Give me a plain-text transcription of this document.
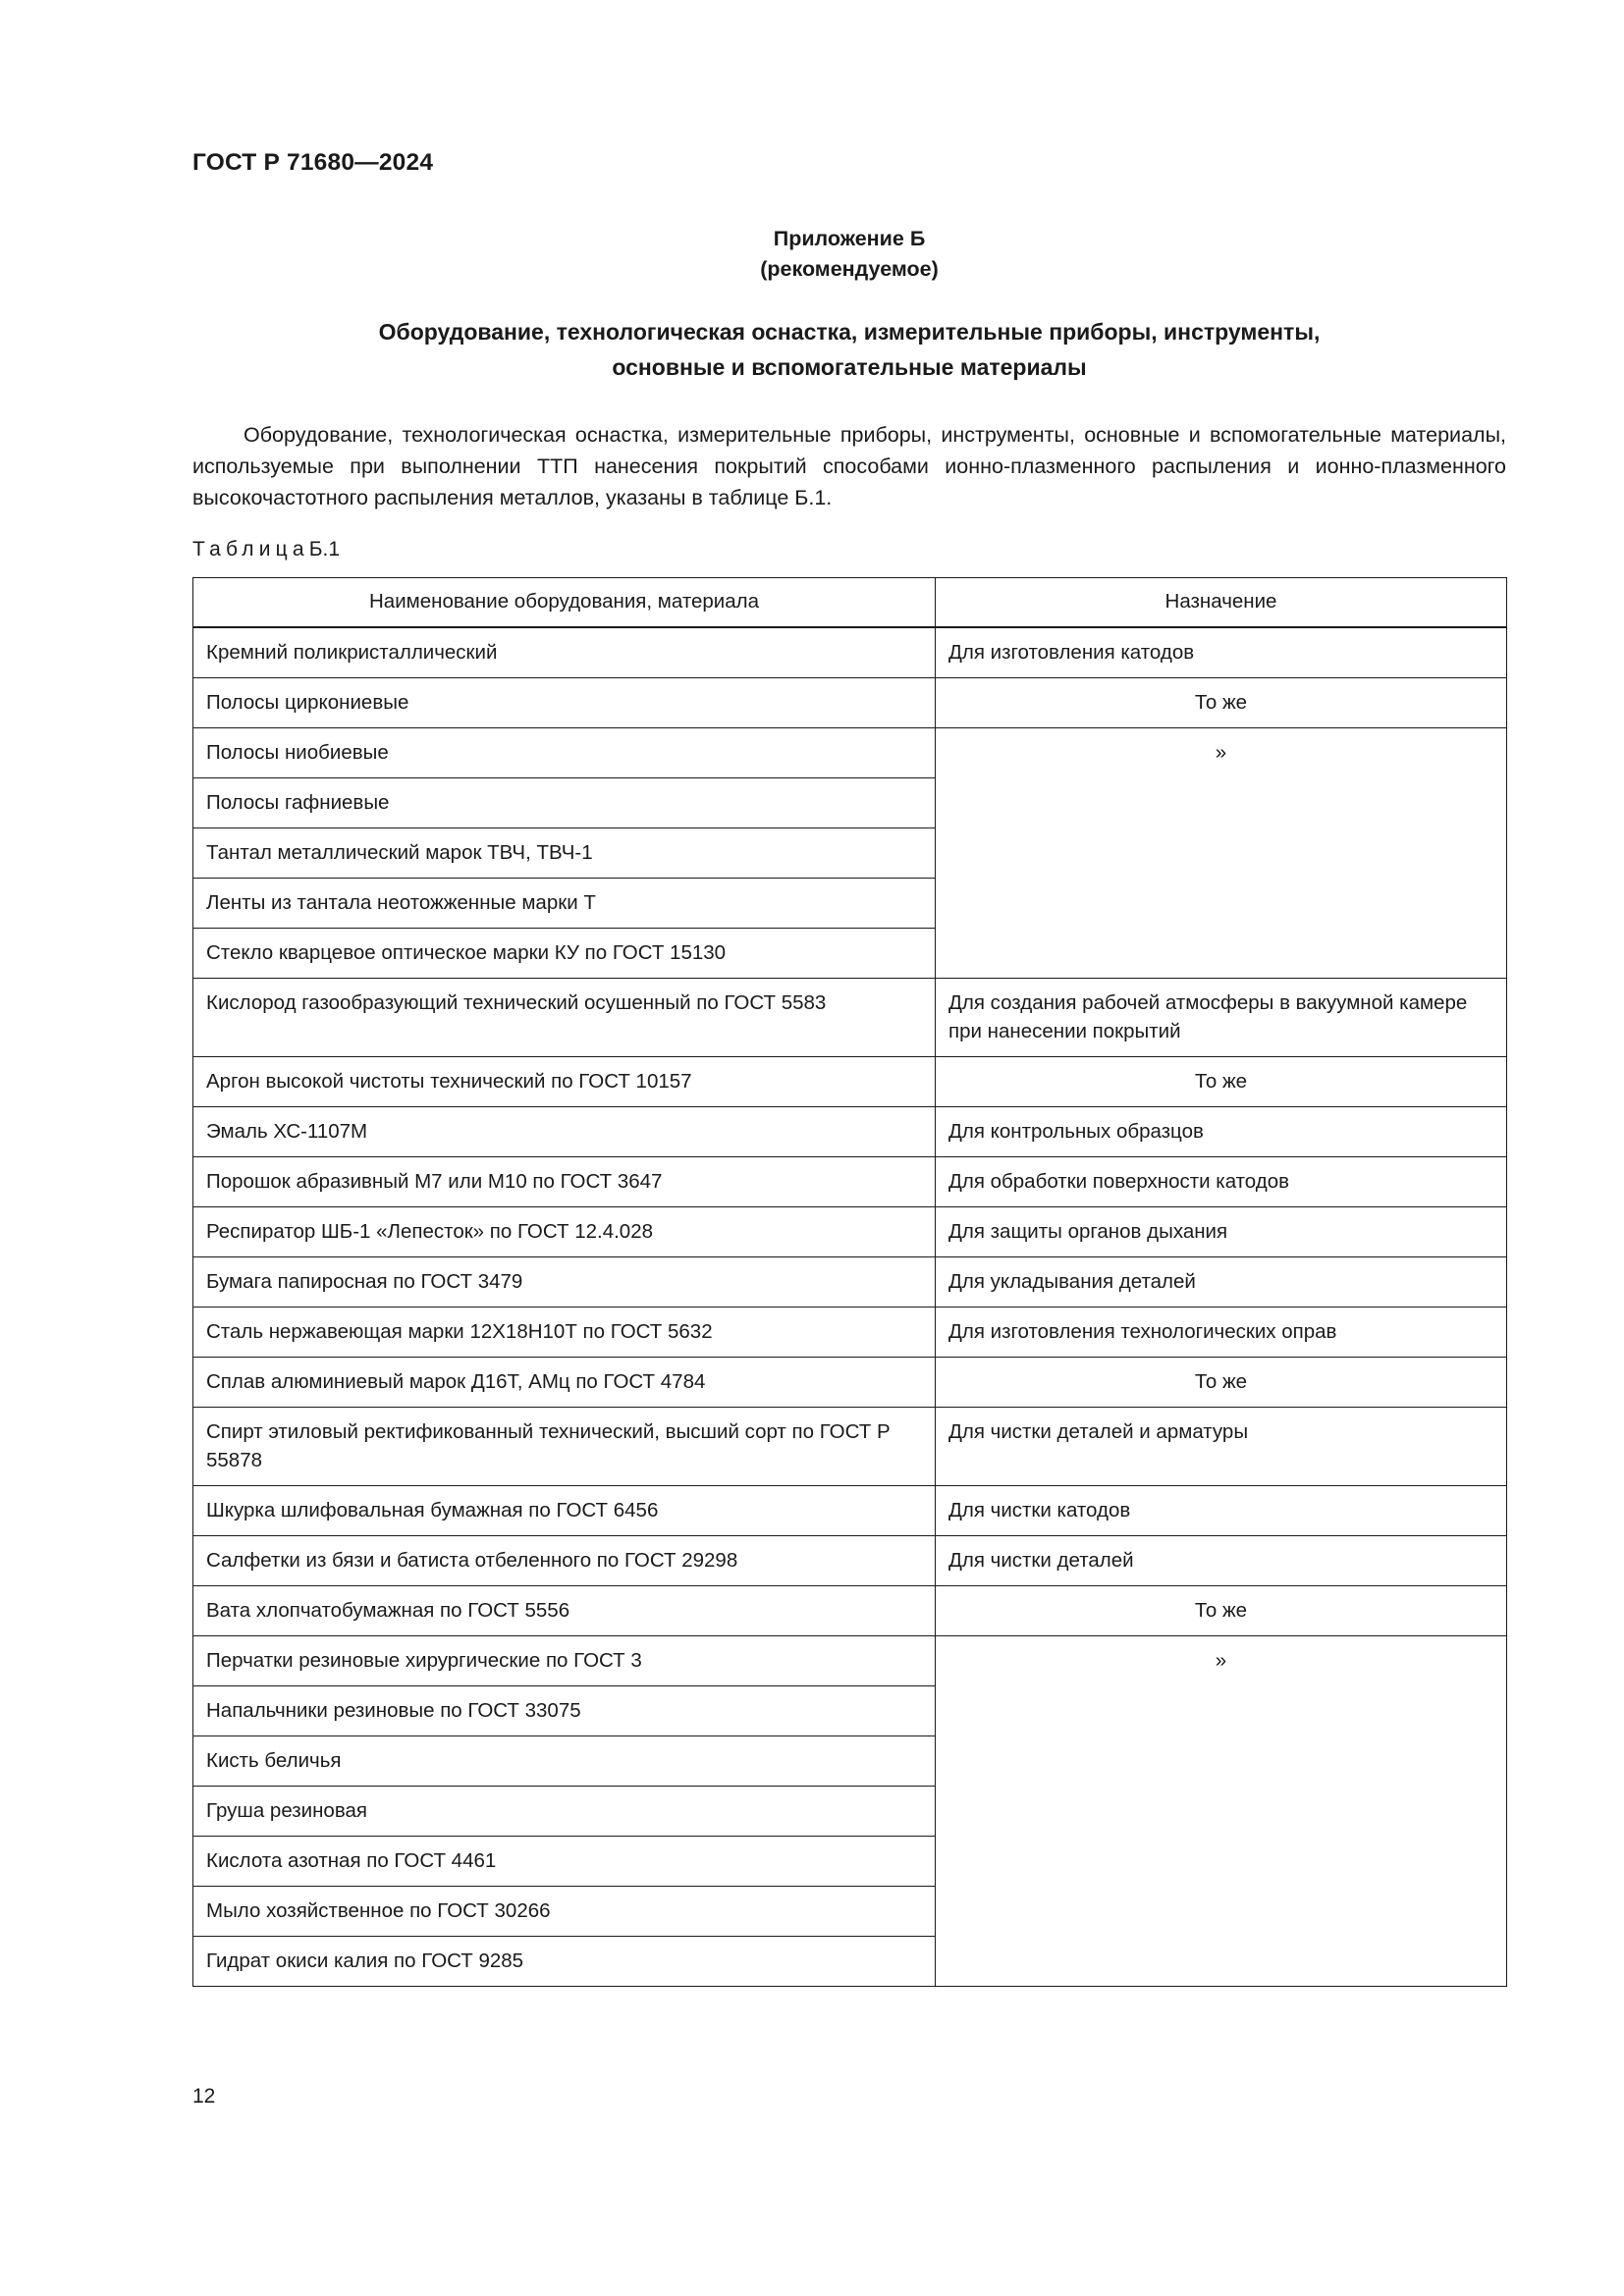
ГОСТ Р 71680—2024
Приложение Б
(рекомендуемое)
Оборудование, технологическая оснастка, измерительные приборы, инструменты,
основные и вспомогательные материалы
Оборудование, технологическая оснастка, измерительные приборы, инструменты, основные и вспомогательные материалы, используемые при выполнении ТТП нанесения покрытий способами ионно-плазменного распыления и ионно-плазменного высокочастотного распыления металлов, указаны в таблице Б.1.
ТаблицаБ.1
Наименование оборудования, материала	Назначение
Кремний поликристаллический	Для изготовления катодов
Полосы циркониевые	То же
Полосы ниобиевые	»
Полосы гафниевые	
Тантал металлический марок ТВЧ, ТВЧ-1	
Ленты из тантала неотожженные марки Т	
Стекло кварцевое оптическое марки КУ по ГОСТ 15130	
Кислород газообразующий технический осушенный по ГОСТ 5583	Для создания рабочей атмосферы в вакуумной камере при нанесении покрытий
Аргон высокой чистоты технический по ГОСТ 10157	То же
Эмаль ХС-1107М	Для контрольных образцов
Порошок абразивный М7 или М10 по ГОСТ 3647	Для обработки поверхности катодов
Респиратор ШБ-1 «Лепесток» по ГОСТ 12.4.028	Для защиты органов дыхания
Бумага папиросная по ГОСТ 3479	Для укладывания деталей
Сталь нержавеющая марки 12Х18Н10Т по ГОСТ 5632	Для изготовления технологических оправ
Сплав алюминиевый марок Д16Т, АМц по ГОСТ 4784	То же
Спирт этиловый ректификованный технический, высший сорт по ГОСТ Р 55878	Для чистки деталей и арматуры
Шкурка шлифовальная бумажная по ГОСТ 6456	Для чистки катодов
Салфетки из бязи и батиста отбеленного по ГОСТ 29298	Для чистки деталей
Вата хлопчатобумажная по ГОСТ 5556	То же
Перчатки резиновые хирургические по ГОСТ 3	»
Напальчники резиновые по ГОСТ 33075	
Кисть беличья	
Груша резиновая	
Кислота азотная по ГОСТ 4461	
Мыло хозяйственное по ГОСТ 30266	
Гидрат окиси калия по ГОСТ 9285	
12
